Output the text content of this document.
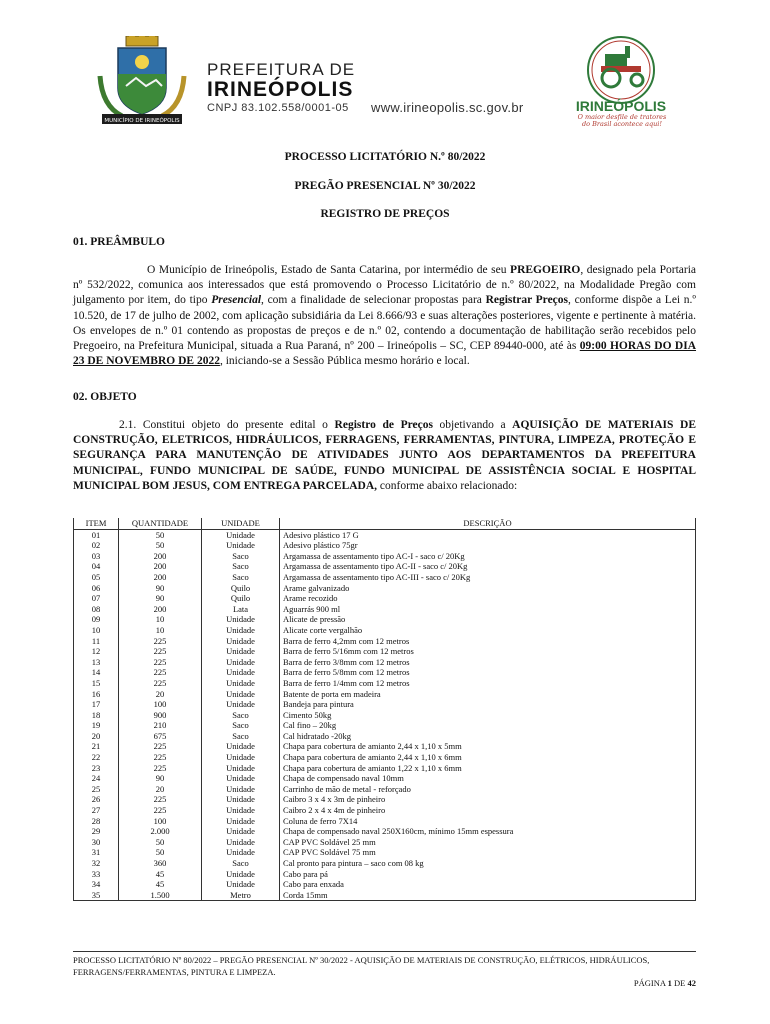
MUNICÍPIO DE IRINEÓPOLIS
PREFEITURA DE
IRINEÓPOLIS
CNPJ 83.102.558/0001-05	www.irineopolis.sc.gov.br	IRINEÓPOLIS
O maior desfile de tratores do Brasil acontece aqui!
PROCESSO LICITATÓRIO N.º 80/2022
PREGÃO PRESENCIAL Nº 30/2022
REGISTRO DE PREÇOS
01. PREÂMBULO
O Município de Irineópolis, Estado de Santa Catarina, por intermédio de seu PREGOEIRO, designado pela Portaria nº 532/2022, comunica aos interessados que está promovendo o Processo Licitatório de n.º 80/2022, na Modalidade Pregão com julgamento por item, do tipo Presencial, com a finalidade de selecionar propostas para Registrar Preços, conforme dispõe a Lei n.º 10.520, de 17 de julho de 2002, com aplicação subsidiária da Lei 8.666/93 e suas alterações posteriores, vigente e pertinente à matéria. Os envelopes de n.º 01 contendo as propostas de preços e de n.º 02, contendo a documentação de habilitação serão recebidos pelo Pregoeiro, na Prefeitura Municipal, situada a Rua Paraná, nº 200 – Irineópolis – SC, CEP 89440-000, até às 09:00 HORAS DO DIA 23 DE NOVEMBRO DE 2022, iniciando-se a Sessão Pública mesmo horário e local.
02. OBJETO
2.1. Constitui objeto do presente edital o Registro de Preços objetivando a AQUISIÇÃO DE MATERIAIS DE CONSTRUÇÃO, ELETRICOS, HIDRÁULICOS, FERRAGENS, FERRAMENTAS, PINTURA, LIMPEZA, PROTEÇÃO E SEGURANÇA PARA MANUTENÇÃO DE ATIVIDADES JUNTO AOS DEPARTAMENTOS DA PREFEITURA MUNICIPAL, FUNDO MUNICIPAL DE SAÚDE, FUNDO MUNICIPAL DE ASSISTÊNCIA SOCIAL E HOSPITAL MUNICIPAL BOM JESUS, COM ENTREGA PARCELADA, conforme abaixo relacionado:
ITEM	QUANTIDADE	UNIDADE	DESCRIÇÃO
01	50	Unidade	Adesivo plástico 17 G
02	50	Unidade	Adesivo plástico 75gr
03	200	Saco	Argamassa de assentamento tipo AC-I - saco c/ 20Kg
04	200	Saco	Argamassa de assentamento tipo AC-II - saco c/ 20Kg
05	200	Saco	Argamassa de assentamento tipo AC-III - saco c/ 20Kg
06	90	Quilo	Arame galvanizado
07	90	Quilo	Arame recozido
08	200	Lata	Aguarrás 900 ml
09	10	Unidade	Alicate de pressão
10	10	Unidade	Alicate corte vergalhão
11	225	Unidade	Barra de ferro 4,2mm com 12 metros
12	225	Unidade	Barra de ferro 5/16mm com 12 metros
13	225	Unidade	Barra de ferro 3/8mm com 12 metros
14	225	Unidade	Barra de ferro 5/8mm com 12 metros
15	225	Unidade	Barra de ferro 1/4mm com 12 metros
16	20	Unidade	Batente de porta em madeira
17	100	Unidade	Bandeja para pintura
18	900	Saco	Cimento 50kg
19	210	Saco	Cal fino – 20kg
20	675	Saco	Cal hidratado -20kg
21	225	Unidade	Chapa para cobertura de amianto 2,44 x 1,10 x 5mm
22	225	Unidade	Chapa para cobertura de amianto 2,44 x 1,10 x 6mm
23	225	Unidade	Chapa para cobertura de amianto 1,22 x 1,10 x 6mm
24	90	Unidade	Chapa de compensado naval 10mm
25	20	Unidade	Carrinho de mão de metal - reforçado
26	225	Unidade	Caibro 3 x 4 x 3m de pinheiro
27	225	Unidade	Caibro 2 x 4 x 4m de pinheiro
28	100	Unidade	Coluna de ferro 7X14
29	2.000	Unidade	Chapa de compensado naval 250X160cm, mínimo 15mm espessura
30	50	Unidade	CAP PVC Soldável 25 mm
31	50	Unidade	CAP PVC Soldável 75 mm
32	360	Saco	Cal pronto para pintura – saco com 08 kg
33	45	Unidade	Cabo para pá
34	45	Unidade	Cabo para enxada
35	1.500	Metro	Corda 15mm
PROCESSO LICITATÓRIO Nº 80/2022 – PREGÃO PRESENCIAL Nº 30/2022 - AQUISIÇÃO DE MATERIAIS DE CONSTRUÇÃO, ELÉTRICOS, HIDRÁULICOS, FERRAGENS/FERRAMENTAS, PINTURA E LIMPEZA.
PÁGINA 1 DE 42
